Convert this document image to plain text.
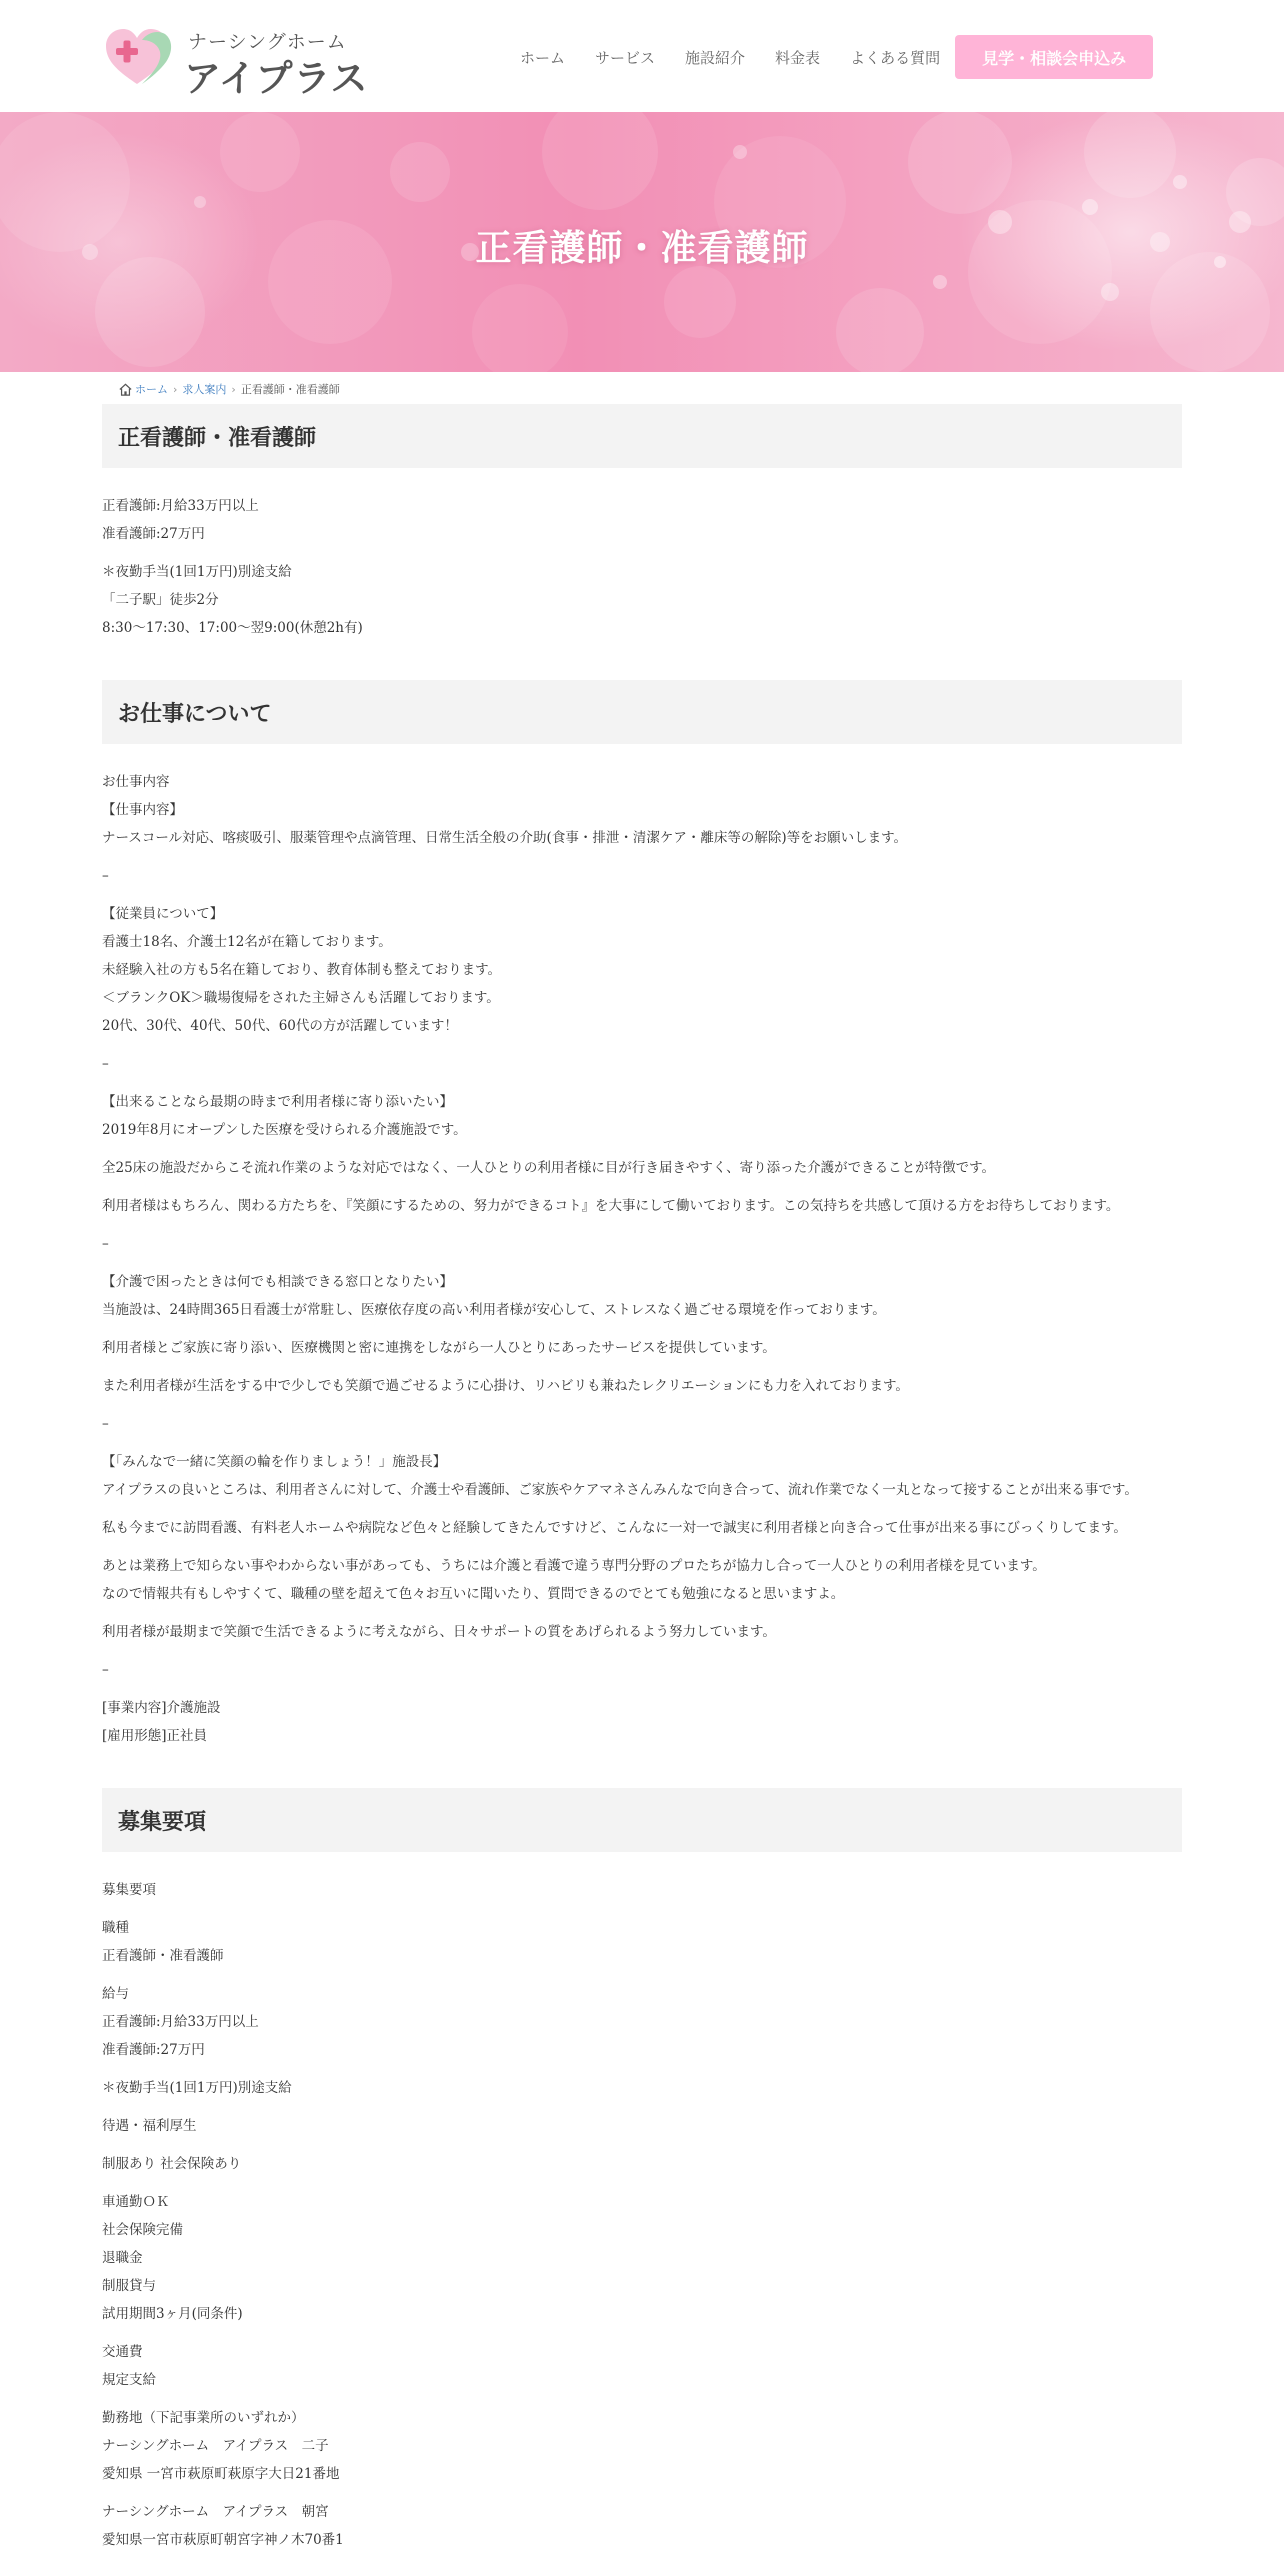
ナーシングホーム
アイプラス	ホーム サービス 施設紹介 料金表 よくある質問	見学・相談会申込み
正看護師・准看護師
ホーム › 求人案内 › 正看護師・准看護師
正看護師・准看護師

正看護師:月給33万円以上
准看護師:27万円

＊夜勤手当(1回1万円)別途支給
「二子駅」徒歩2分
8:30～17:30、17:00～翌9:00(休憩2h有)

お仕事について

お仕事内容
【仕事内容】
ナースコール対応、喀痰吸引、服薬管理や点滴管理、日常生活全般の介助(食事・排泄・清潔ケア・離床等の解除)等をお願いします。

–

【従業員について】
看護士18名、介護士12名が在籍しております。
未経験入社の方も5名在籍しており、教育体制も整えております。
＜ブランクOK＞職場復帰をされた主婦さんも活躍しております。
20代、30代、40代、50代、60代の方が活躍しています！

–

【出来ることなら最期の時まで利用者様に寄り添いたい】
2019年8月にオープンした医療を受けられる介護施設です。

全25床の施設だからこそ流れ作業のような対応ではなく、一人ひとりの利用者様に目が行き届きやすく、寄り添った介護ができることが特徴です。

利用者様はもちろん、関わる方たちを、『笑顔にするための、努力ができるコト』を大事にして働いております。この気持ちを共感して頂ける方をお待ちしております。

–

【介護で困ったときは何でも相談できる窓口となりたい】
当施設は、24時間365日看護士が常駐し、医療依存度の高い利用者様が安心して、ストレスなく過ごせる環境を作っております。

利用者様とご家族に寄り添い、医療機関と密に連携をしながら一人ひとりにあったサービスを提供しています。

また利用者様が生活をする中で少しでも笑顔で過ごせるように心掛け、リハビリも兼ねたレクリエーションにも力を入れております。

–

【「みんなで一緒に笑顔の輪を作りましょう！」施設長】
アイプラスの良いところは、利用者さんに対して、介護士や看護師、ご家族やケアマネさんみんなで向き合って、流れ作業でなく一丸となって接することが出来る事です。

私も今までに訪問看護、有料老人ホームや病院など色々と経験してきたんですけど、こんなに一対一で誠実に利用者様と向き合って仕事が出来る事にびっくりしてます。

あとは業務上で知らない事やわからない事があっても、うちには介護と看護で違う専門分野のプロたちが協力し合って一人ひとりの利用者様を見ています。
なので情報共有もしやすくて、職種の壁を超えて色々お互いに聞いたり、質問できるのでとても勉強になると思いますよ。

利用者様が最期まで笑顔で生活できるように考えながら、日々サポートの質をあげられるよう努力しています。

–

[事業内容]介護施設
[雇用形態]正社員

募集要項

募集要項

職種
正看護師・准看護師

給与
正看護師:月給33万円以上
准看護師:27万円

＊夜勤手当(1回1万円)別途支給

待遇・福利厚生

制服あり 社会保険あり

車通勤ＯＫ
社会保険完備
退職金
制服貸与
試用期間3ヶ月(同条件)

交通費
規定支給

勤務地（下記事業所のいずれか）
ナーシングホーム　アイプラス　二子
愛知県 一宮市萩原町萩原字大日21番地

ナーシングホーム　アイプラス　朝宮
愛知県一宮市萩原町朝宮字神ノ木70番1
